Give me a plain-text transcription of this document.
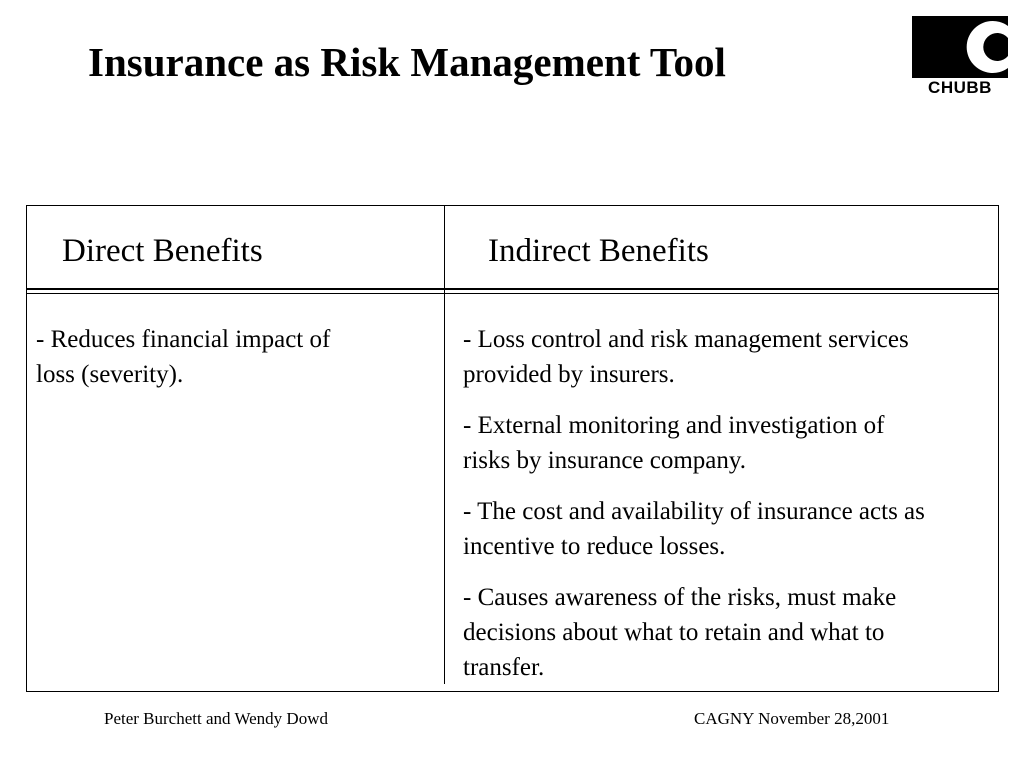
Insurance as Risk Management Tool
CHUBB
Direct Benefits	Indirect Benefits
- Reduces financial impact of
loss (severity).
- Loss control and risk management services
provided by insurers.
- External monitoring and investigation of
risks by insurance company.
- The cost and availability of insurance acts as
incentive to reduce losses.
- Causes awareness of the risks, must make
decisions about what to retain and what to
transfer.
Peter Burchett and Wendy Dowd	CAGNY November 28,2001
